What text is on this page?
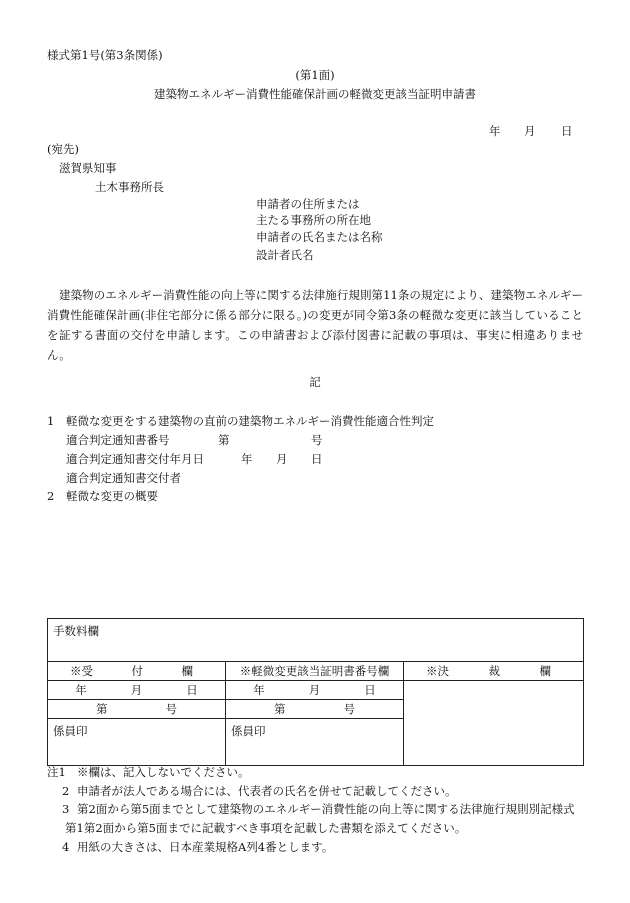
様式第1号(第3条関係)
(第1面)
建築物エネルギー消費性能確保計画の軽微変更該当証明申請書
年 月 日
(宛先)
滋賀県知事
土木事務所長
申請者の住所または
主たる事務所の所在地
申請者の氏名または名称
設計者氏名
建築物のエネルギー消費性能の向上等に関する法律施行規則第11条の規定により、建築物エネルギー消費性能確保計画(非住宅部分に係る部分に限る。)の変更が同令第3条の軽微な変更に該当していることを証する書面の交付を申請します。この申請書および添付図書に記載の事項は、事実に相違ありません。
記
1 軽微な変更をする建築物の直前の建築物エネルギー消費性能適合性判定
適合判定通知書番号	第	号
適合判定通知書交付年月日	年 月 日
適合判定通知書交付者
2 軽微な変更の概要
手数料欄		

※受 付 欄	※軽微変更該当証明書番号欄	※決 裁 欄

年 月 日	年 月 日	

第 号	第 号	

係員印	係員印	
注1 ※欄は、記入しないでください。
2 申請者が法人である場合には、代表者の氏名を併せて記載してください。
3 第2面から第5面までとして建築物のエネルギー消費性能の向上等に関する法律施行規則別記様式
第1第2面から第5面までに記載すべき事項を記載した書類を添えてください。
4 用紙の大きさは、日本産業規格A列4番とします。
